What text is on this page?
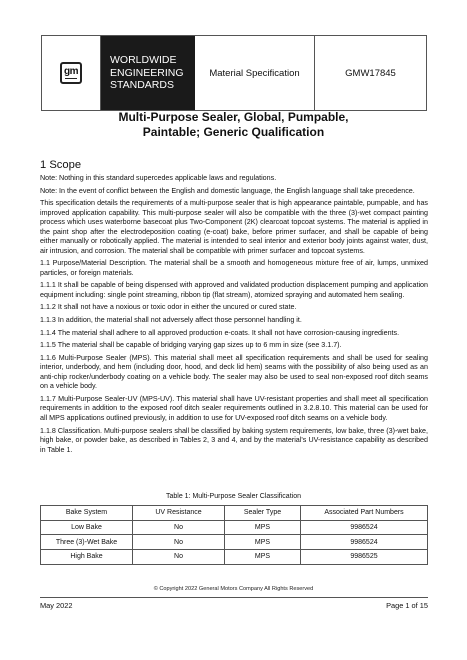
gm
WORLDWIDE
ENGINEERING
STANDARDS
Material Specification	GMW17845
Multi-Purpose Sealer, Global, Pumpable,
Paintable; Generic Qualification
1 Scope

Note: Nothing in this standard supercedes applicable laws and regulations.

Note: In the event of conflict between the English and domestic language, the English language shall take precedence.

This specification details the requirements of a multi-purpose sealer that is high appearance paintable, pumpable, and has improved application capability. This multi-purpose sealer will also be compatible with the three (3)-wet compact painting process which uses waterborne basecoat plus Two-Component (2K) clearcoat topcoat systems. The material is applied in the paint shop after the electrodeposition coating (e-coat) bake, before primer surfacer, and shall be capable of being either manually or robotically applied. The material is intended to seal interior and exterior body joints against water, dust, air intrusion, and corrosion. The material shall be compatible with primer surfacer and topcoat systems.

1.1 Purpose/Material Description. The material shall be a smooth and homogeneous mixture free of air, lumps, unmixed particles, or foreign materials.

1.1.1 It shall be capable of being dispensed with approved and validated production displacement pumping and application equipment including: single point streaming, ribbon tip (flat stream), atomized spraying and automated hem sealing.

1.1.2 It shall not have a noxious or toxic odor in either the uncured or cured state.

1.1.3 In addition, the material shall not adversely affect those personnel handling it.

1.1.4 The material shall adhere to all approved production e-coats. It shall not have corrosion-causing ingredients.

1.1.5 The material shall be capable of bridging varying gap sizes up to 6 mm in size (see 3.1.7).

1.1.6 Multi-Purpose Sealer (MPS). This material shall meet all specification requirements and shall be used for sealing interior, underbody, and hem (including door, hood, and deck lid hem) seams with the possibility of also being used as an anti-chip rocker/underbody coating on a vehicle body. The sealer may also be used to seal non-exposed roof ditch seams on a vehicle body.

1.1.7 Multi-Purpose Sealer-UV (MPS-UV). This material shall have UV-resistant properties and shall meet all specification requirements in addition to the exposed roof ditch sealer requirements outlined in 3.2.8.10. This material can be used for all MPS applications outlined previously, in addition to use for UV-exposed roof ditch seams on a vehicle body.

1.1.8 Classification. Multi-purpose sealers shall be classified by baking system requirements, low bake, three (3)-wet bake, high bake, or powder bake, as described in Tables 2, 3 and 4, and by the material's UV-resistance capability as described in Table 1.

Table 1: Multi-Purpose Sealer Classification
Bake System	UV Resistance	Sealer Type	Associated Part Numbers
Low Bake	No	MPS	9986524
Three (3)-Wet Bake	No	MPS	9986524
High Bake	No	MPS	9986525
© Copyright 2022 General Motors Company All Rights Reserved
May 2022	Page 1 of 15
